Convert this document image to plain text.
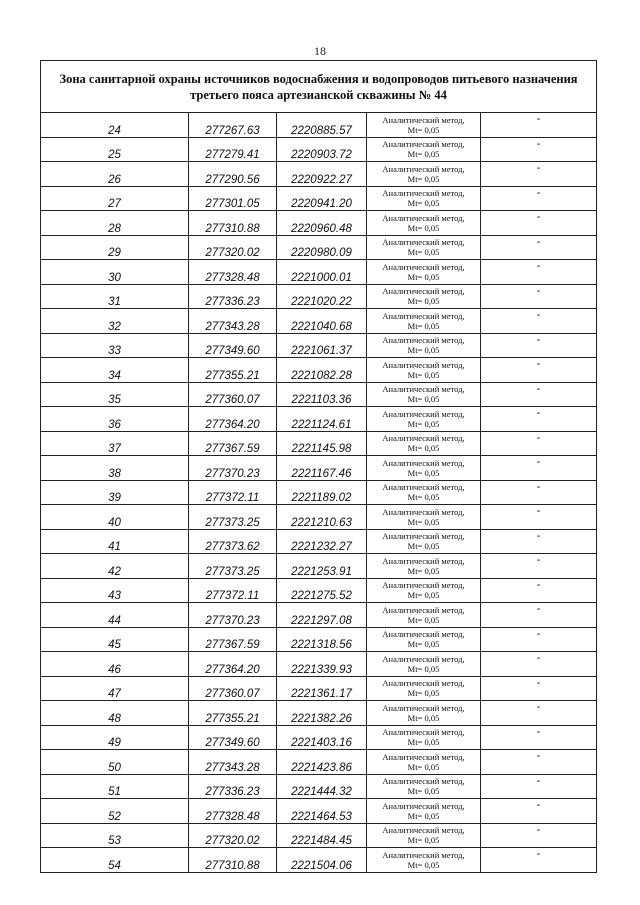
18
Зона санитарной охраны источников водоснабжения и водопроводов питьевого назначения
третьего пояса артезианской скважины № 44				

24	277267.63	2220885.57	Аналитический метод,
Mt= 0,05	-
25	277279.41	2220903.72	Аналитический метод,
Mt= 0,05	-
26	277290.56	2220922.27	Аналитический метод,
Mt= 0,05	-
27	277301.05	2220941.20	Аналитический метод,
Mt= 0,05	-
28	277310.88	2220960.48	Аналитический метод,
Mt= 0,05	-
29	277320.02	2220980.09	Аналитический метод,
Mt= 0,05	-
30	277328.48	2221000.01	Аналитический метод,
Mt= 0,05	-
31	277336.23	2221020.22	Аналитический метод,
Mt= 0,05	-
32	277343.28	2221040.68	Аналитический метод,
Mt= 0,05	-
33	277349.60	2221061.37	Аналитический метод,
Mt= 0,05	-
34	277355.21	2221082.28	Аналитический метод,
Mt= 0,05	-
35	277360.07	2221103.36	Аналитический метод,
Mt= 0,05	-
36	277364.20	2221124.61	Аналитический метод,
Mt= 0,05	-
37	277367.59	2221145.98	Аналитический метод,
Mt= 0,05	-
38	277370.23	2221167.46	Аналитический метод,
Mt= 0,05	-
39	277372.11	2221189.02	Аналитический метод,
Mt= 0,05	-
40	277373.25	2221210.63	Аналитический метод,
Mt= 0,05	-
41	277373.62	2221232.27	Аналитический метод,
Mt= 0,05	-
42	277373.25	2221253.91	Аналитический метод,
Mt= 0,05	-
43	277372.11	2221275.52	Аналитический метод,
Mt= 0,05	-
44	277370.23	2221297.08	Аналитический метод,
Mt= 0,05	-
45	277367.59	2221318.56	Аналитический метод,
Mt= 0,05	-
46	277364.20	2221339.93	Аналитический метод,
Mt= 0,05	-
47	277360.07	2221361.17	Аналитический метод,
Mt= 0,05	-
48	277355.21	2221382.26	Аналитический метод,
Mt= 0,05	-
49	277349.60	2221403.16	Аналитический метод,
Mt= 0,05	-
50	277343.28	2221423.86	Аналитический метод,
Mt= 0,05	-
51	277336.23	2221444.32	Аналитический метод,
Mt= 0,05	-
52	277328.48	2221464.53	Аналитический метод,
Mt= 0,05	-
53	277320.02	2221484.45	Аналитический метод,
Mt= 0,05	-
54	277310.88	2221504.06	Аналитический метод,
Mt= 0,05	-
